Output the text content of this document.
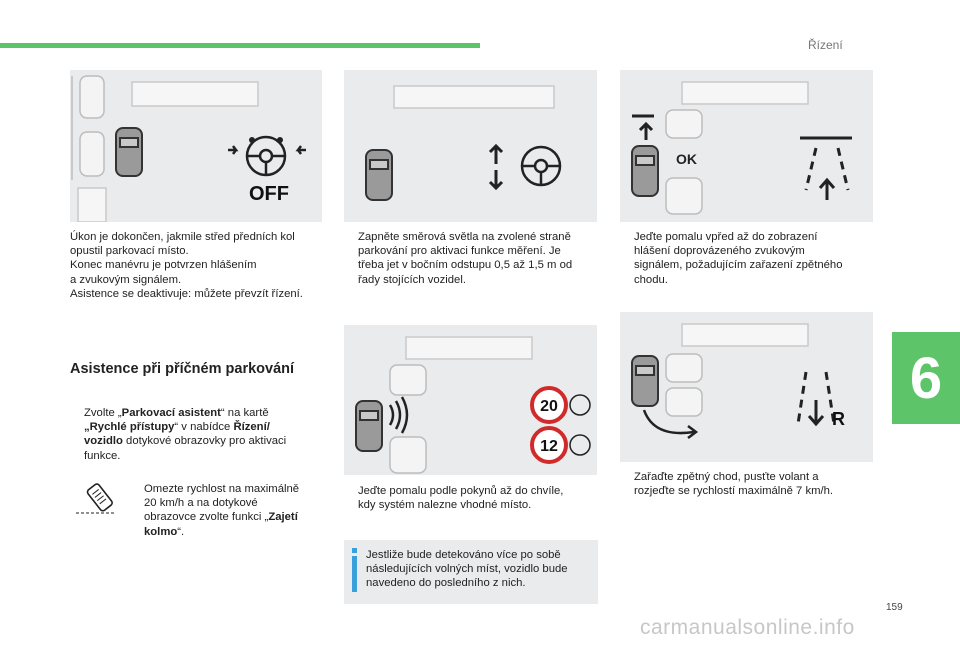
Řízení
6
159
carmanualsonline.info
OFF
OK
20
12
R
Úkon je dokončen, jakmile střed předních kol
opustil parkovací místo.
Konec manévru je potvrzen hlášením
a zvukovým signálem.
Asistence se deaktivuje: můžete převzít řízení.
Asistence při příčném parkování
Zvolte „Parkovací asistent“ na kartě
„Rychlé přístupy“ v nabídce Řízení/
vozidlo dotykové obrazovky pro aktivaci
funkce.
Omezte rychlost na maximálně
20 km/h a na dotykové
obrazovce zvolte funkci „Zajetí
kolmo“.
Zapněte směrová světla na zvolené straně
parkování pro aktivaci funkce měření. Je
třeba jet v bočním odstupu 0,5 až 1,5 m od
řady stojících vozidel.
Jeďte pomalu podle pokynů až do chvíle,
kdy systém nalezne vhodné místo.
Jestliže bude detekováno více po sobě
následujících volných míst, vozidlo bude
navedeno do posledního z nich.
Jeďte pomalu vpřed až do zobrazení
hlášení doprovázeného zvukovým
signálem, požadujícím zařazení zpětného
chodu.
Zařaďte zpětný chod, pusťte volant a
rozjeďte se rychlostí maximálně 7 km/h.
